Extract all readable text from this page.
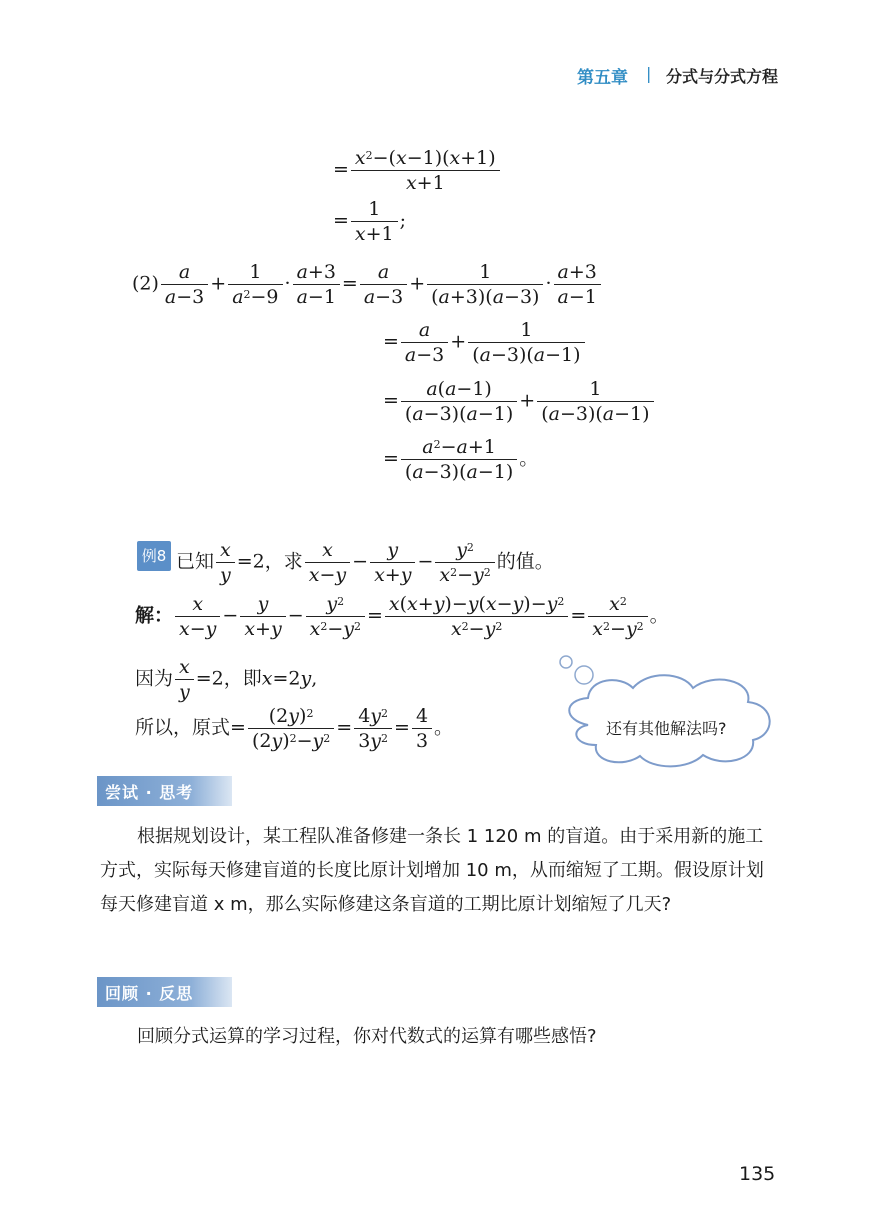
第五章 | 分式与分式方程
= $\frac{x^2-(x-1)(x+1)}{x+1}$
= $\frac{1}{x+1}$ ;
$(2) \frac{a}{a-3} + \frac{1}{a^2-9} \cdot \frac{a+3}{a-1} = \frac{a}{a-3} + \frac{1}{(a+3)(a-3)} \cdot \frac{a+3}{a-1}$
= $\frac{a}{a-3} + \frac{1}{(a-3)(a-1)}$
= $\frac{a(a-1)}{(a-3)(a-1)} + \frac{1}{(a-3)(a-1)}$
= $\frac{a^2-a+1}{(a-3)(a-1)}$ 。
例8 已知 $\frac{x}{y} =2$，求 $\frac{x}{x-y} - \frac{y}{x+y} - \frac{y^2}{x^2-y^2}$ 的值。
解： $\frac{x}{x-y} - \frac{y}{x+y} - \frac{y^2}{x^2-y^2} = \frac{x(x+y)-y(x-y)-y^2}{x^2-y^2} = \frac{x^2}{x^2-y^2}$ 。
因为 $\frac{x}{y} =2$，即x=2y,
所以，原式= $\frac{(2y)^2}{(2y)^2-y^2} = \frac{4y^2}{3y^2} = \frac{4}{3}$ 。	还有其他解法吗?
尝试 · 思考
根据规划设计，某工程队准备修建一条长 1 120 m 的盲道。由于采用新的施工方式，实际每天修建盲道的长度比原计划增加 10 m，从而缩短了工期。假设原计划每天修建盲道 x m，那么实际修建这条盲道的工期比原计划缩短了几天?
回顾 · 反思
回顾分式运算的学习过程，你对代数式的运算有哪些感悟?
135
